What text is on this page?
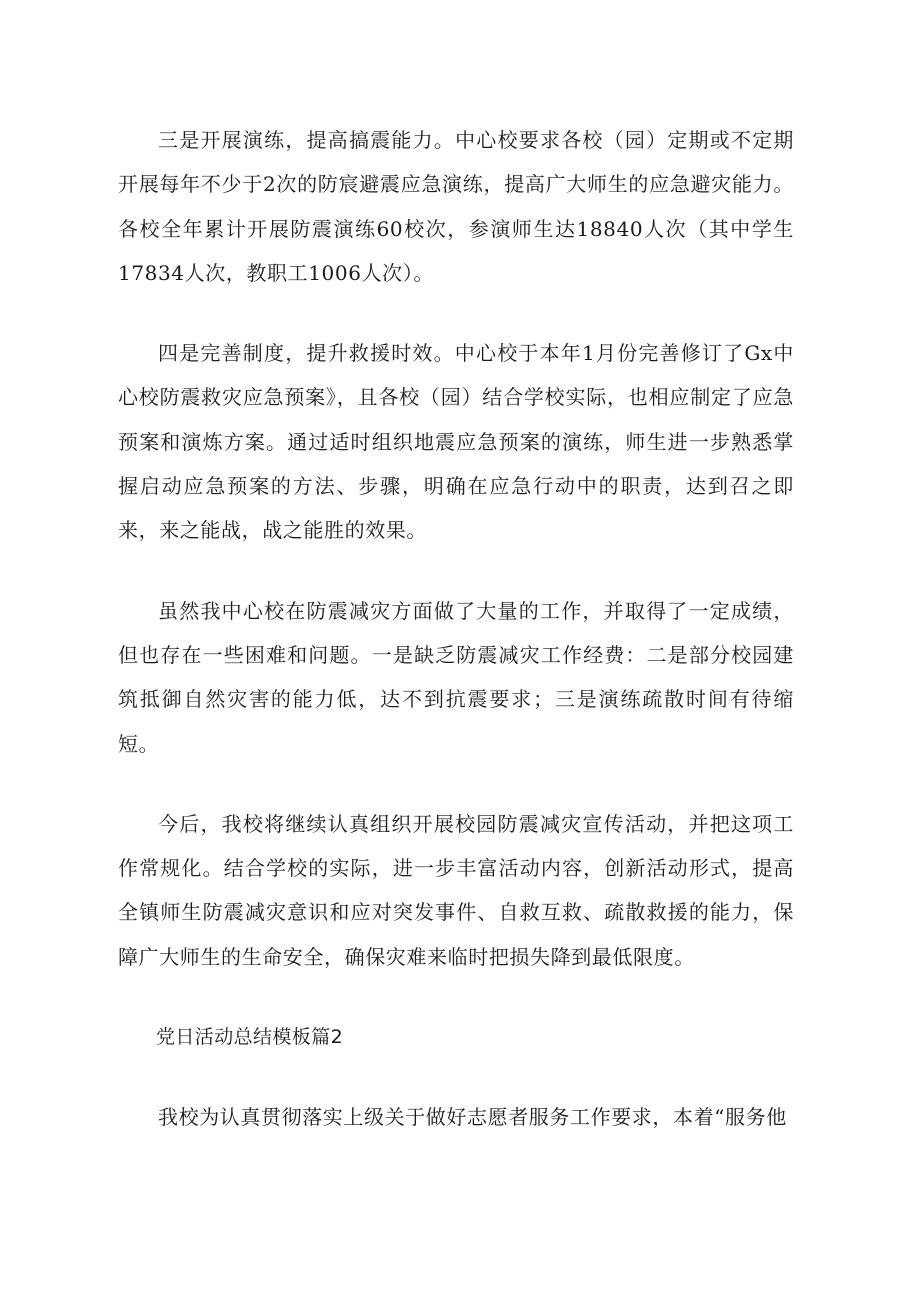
三是开展演练，提高搞震能力。中心校要求各校（园）定期或不定期开展每年不少于2次的防宸避震应急演练，提高广大师生的应急避灾能力。各校全年累计开展防震演练60校次，参演师生达18840人次（其中学生17834人次，教职工1006人次）。

四是完善制度，提升救援时效。中心校于本年1月份完善修订了Gx中心校防震救灾应急预案》，且各校（园）结合学校实际，也相应制定了应急预案和演炼方案。通过适时组织地震应急预案的演练，师生进一步熟悉掌握启动应急预案的方法、步骤，明确在应急行动中的职责，达到召之即来，来之能战，战之能胜的效果。

虽然我中心校在防震减灾方面做了大量的工作，并取得了一定成绩，但也存在一些困难和问题。一是缺乏防震减灾工作经费：二是部分校园建筑抵御自然灾害的能力低，达不到抗震要求；三是演练疏散时间有待缩短。

今后，我校将继续认真组织开展校园防震减灾宣传活动，并把这项工作常规化。结合学校的实际，进一步丰富活动内容，创新活动形式，提高全镇师生防震减灾意识和应对突发事件、自救互救、疏散救援的能力，保障广大师生的生命安全，确保灾难来临时把损失降到最低限度。

党日活动总结模板篇2

我校为认真贯彻落实上级关于做好志愿者服务工作要求，本着“服务他
